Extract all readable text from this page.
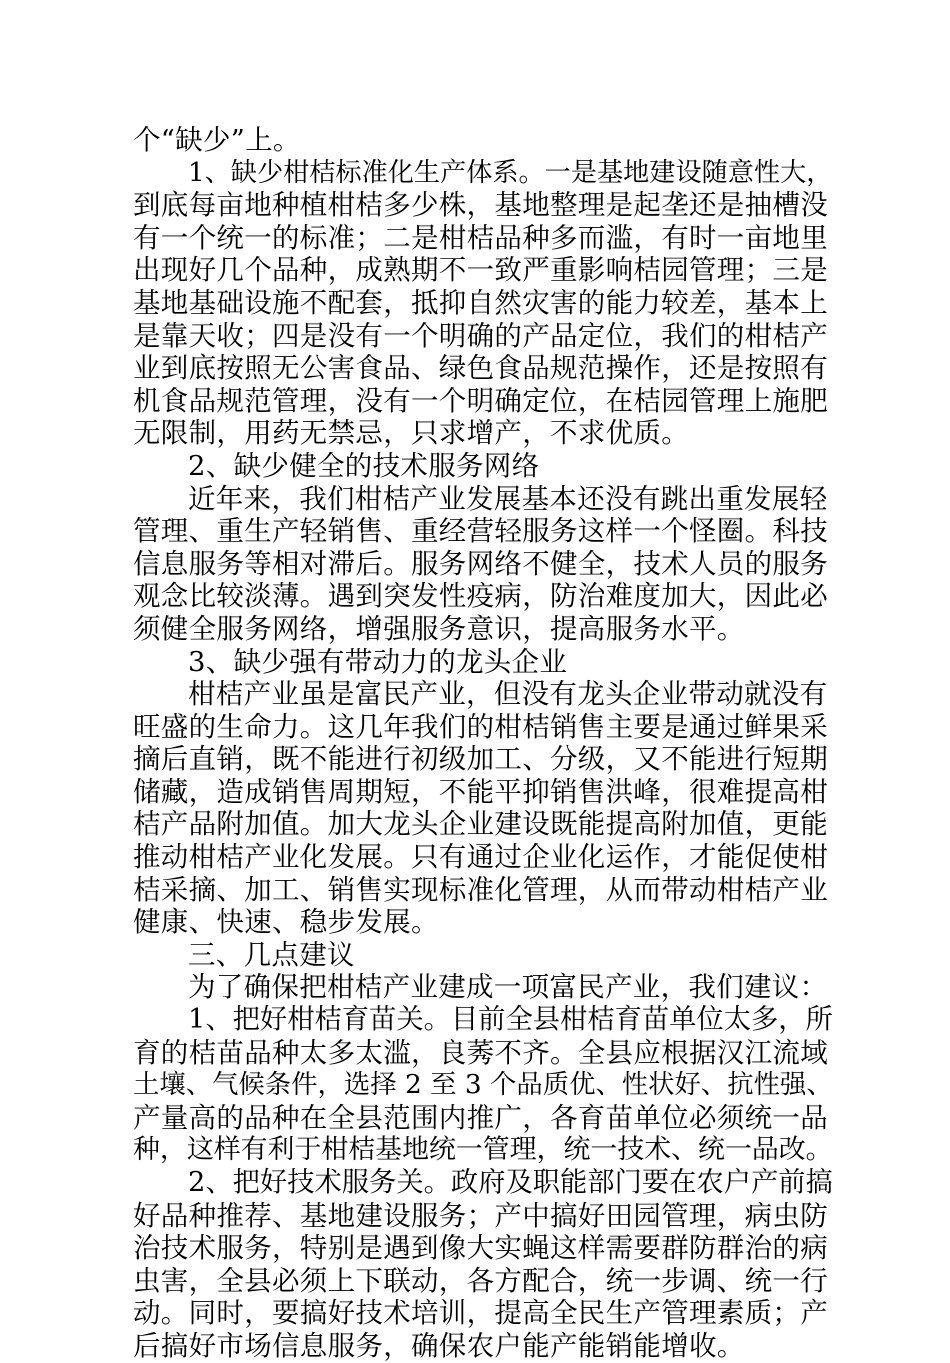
个“缺少”上。
1、缺少柑桔标准化生产体系。一是基地建设随意性大，
到底每亩地种植柑桔多少株，基地整理是起垄还是抽槽没
有一个统一的标准；二是柑桔品种多而滥，有时一亩地里
出现好几个品种，成熟期不一致严重影响桔园管理；三是
基地基础设施不配套，抵抑自然灾害的能力较差，基本上
是靠天收；四是没有一个明确的产品定位，我们的柑桔产
业到底按照无公害食品、绿色食品规范操作，还是按照有
机食品规范管理，没有一个明确定位，在桔园管理上施肥
无限制，用药无禁忌，只求增产，不求优质。
2、缺少健全的技术服务网络
近年来，我们柑桔产业发展基本还没有跳出重发展轻
管理、重生产轻销售、重经营轻服务这样一个怪圈。科技
信息服务等相对滞后。服务网络不健全，技术人员的服务
观念比较淡薄。遇到突发性疫病，防治难度加大，因此必
须健全服务网络，增强服务意识，提高服务水平。
3、缺少强有带动力的龙头企业
柑桔产业虽是富民产业，但没有龙头企业带动就没有
旺盛的生命力。这几年我们的柑桔销售主要是通过鲜果采
摘后直销，既不能进行初级加工、分级，又不能进行短期
储藏，造成销售周期短，不能平抑销售洪峰，很难提高柑
桔产品附加值。加大龙头企业建设既能提高附加值，更能
推动柑桔产业化发展。只有通过企业化运作，才能促使柑
桔采摘、加工、销售实现标准化管理，从而带动柑桔产业
健康、快速、稳步发展。
三、几点建议
为了确保把柑桔产业建成一项富民产业，我们建议：
1、把好柑桔育苗关。目前全县柑桔育苗单位太多，所
育的桔苗品种太多太滥，良莠不齐。全县应根据汉江流域
土壤、气候条件，选择 2 至 3 个品质优、性状好、抗性强、
产量高的品种在全县范围内推广，各育苗单位必须统一品
种，这样有利于柑桔基地统一管理，统一技术、统一品改。
2、把好技术服务关。政府及职能部门要在农户产前搞
好品种推荐、基地建设服务；产中搞好田园管理，病虫防
治技术服务，特别是遇到像大实蝇这样需要群防群治的病
虫害，全县必须上下联动，各方配合，统一步调、统一行
动。同时，要搞好技术培训，提高全民生产管理素质；产
后搞好市场信息服务，确保农户能产能销能增收。
